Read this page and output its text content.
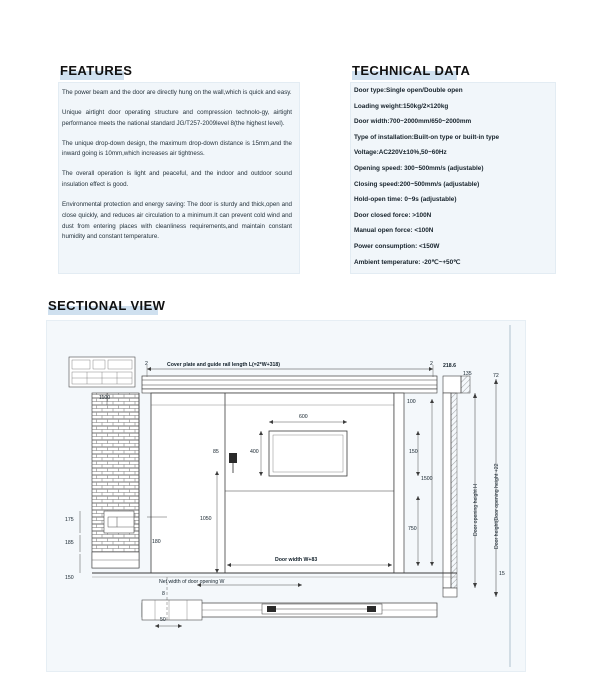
FEATURES

The power beam and the door are directly hung on the wall,which is quick and easy.

Unique airtight door operating structure and compression technolo-gy, airtight performance meets the national standard JG/T257-2009level 8(the highest level).

The unique drop-down design, the maximum drop-down distance is 15mm,and the inward going is 10mm,which increases air tightness.

The overall operation is light and peaceful, and the indoor and outdoor sound insulation effect is good.

Environmental protection and energy saving: The door is sturdy and thick,open and close quickly, and reduces air circulation to a minimum.It can prevent cold wind and dust from entering places with cleanliness requirements,and maintain constant humidity and constant temperature.

TECHNICAL DATA
Door type:Single open/Double open
Loading weight:150kg/2×120kg
Door width:700~2000mm/650~2000mm
Type of installation:Built-on type or built-in type
Voltage:AC220V±10%,50~60Hz
Opening speed: 300~500mm/s (adjustable)
Closing speed:200~500mm/s (adjustable)
Hold-open time: 0~9s (adjustable)
Door closed force: >100N
Manual open force: <100N
Power consumption: <150W
Ambient temperature: -20℃~+50℃
SECTIONAL VIEW
Cover plate and guide rail length L(=2*W+318)
2	2 218.6
135	72
1100
100
600
400
85	150
1500
750
1050
175
185	180
150
15
Door width W+83
Net width of door opening W
8
50
Door opening height H	Door height(Door opening height +22
